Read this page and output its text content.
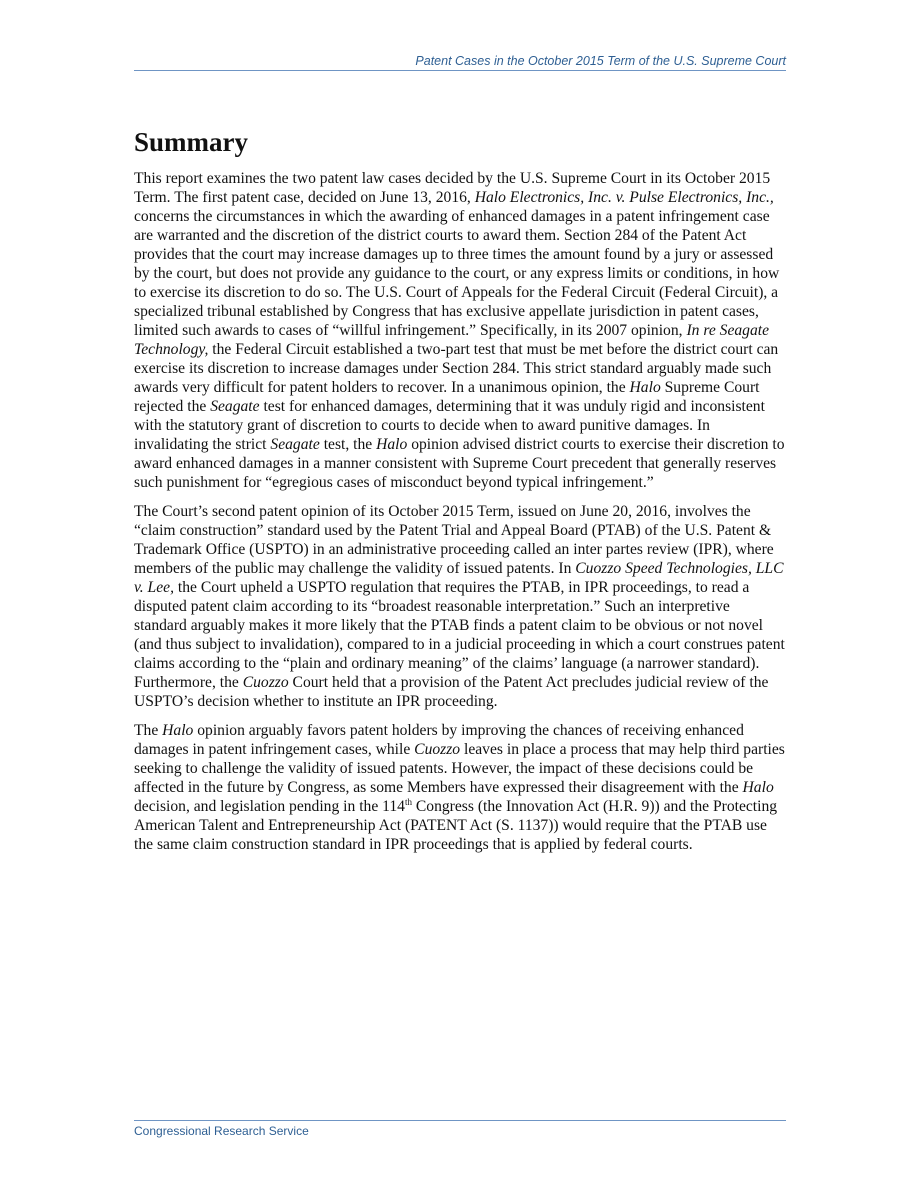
Patent Cases in the October 2015 Term of the U.S. Supreme Court
Summary

This report examines the two patent law cases decided by the U.S. Supreme Court in its October 2015 Term. The first patent case, decided on June 13, 2016, Halo Electronics, Inc. v. Pulse Electronics, Inc., concerns the circumstances in which the awarding of enhanced damages in a patent infringement case are warranted and the discretion of the district courts to award them. Section 284 of the Patent Act provides that the court may increase damages up to three times the amount found by a jury or assessed by the court, but does not provide any guidance to the court, or any express limits or conditions, in how to exercise its discretion to do so. The U.S. Court of Appeals for the Federal Circuit (Federal Circuit), a specialized tribunal established by Congress that has exclusive appellate jurisdiction in patent cases, limited such awards to cases of “willful infringement.” Specifically, in its 2007 opinion, In re Seagate Technology, the Federal Circuit established a two-part test that must be met before the district court can exercise its discretion to increase damages under Section 284. This strict standard arguably made such awards very difficult for patent holders to recover. In a unanimous opinion, the Halo Supreme Court rejected the Seagate test for enhanced damages, determining that it was unduly rigid and inconsistent with the statutory grant of discretion to courts to decide when to award punitive damages. In invalidating the strict Seagate test, the Halo opinion advised district courts to exercise their discretion to award enhanced damages in a manner consistent with Supreme Court precedent that generally reserves such punishment for “egregious cases of misconduct beyond typical infringement.”

The Court’s second patent opinion of its October 2015 Term, issued on June 20, 2016, involves the “claim construction” standard used by the Patent Trial and Appeal Board (PTAB) of the U.S. Patent & Trademark Office (USPTO) in an administrative proceeding called an inter partes review (IPR), where members of the public may challenge the validity of issued patents. In Cuozzo Speed Technologies, LLC v. Lee, the Court upheld a USPTO regulation that requires the PTAB, in IPR proceedings, to read a disputed patent claim according to its “broadest reasonable interpretation.” Such an interpretive standard arguably makes it more likely that the PTAB finds a patent claim to be obvious or not novel (and thus subject to invalidation), compared to in a judicial proceeding in which a court construes patent claims according to the “plain and ordinary meaning” of the claims’ language (a narrower standard). Furthermore, the Cuozzo Court held that a provision of the Patent Act precludes judicial review of the USPTO’s decision whether to institute an IPR proceeding.

The Halo opinion arguably favors patent holders by improving the chances of receiving enhanced damages in patent infringement cases, while Cuozzo leaves in place a process that may help third parties seeking to challenge the validity of issued patents. However, the impact of these decisions could be affected in the future by Congress, as some Members have expressed their disagreement with the Halo decision, and legislation pending in the 114th Congress (the Innovation Act (H.R. 9)) and the Protecting American Talent and Entrepreneurship Act (PATENT Act (S. 1137)) would require that the PTAB use the same claim construction standard in IPR proceedings that is applied by federal courts.

Congressional Research Service
